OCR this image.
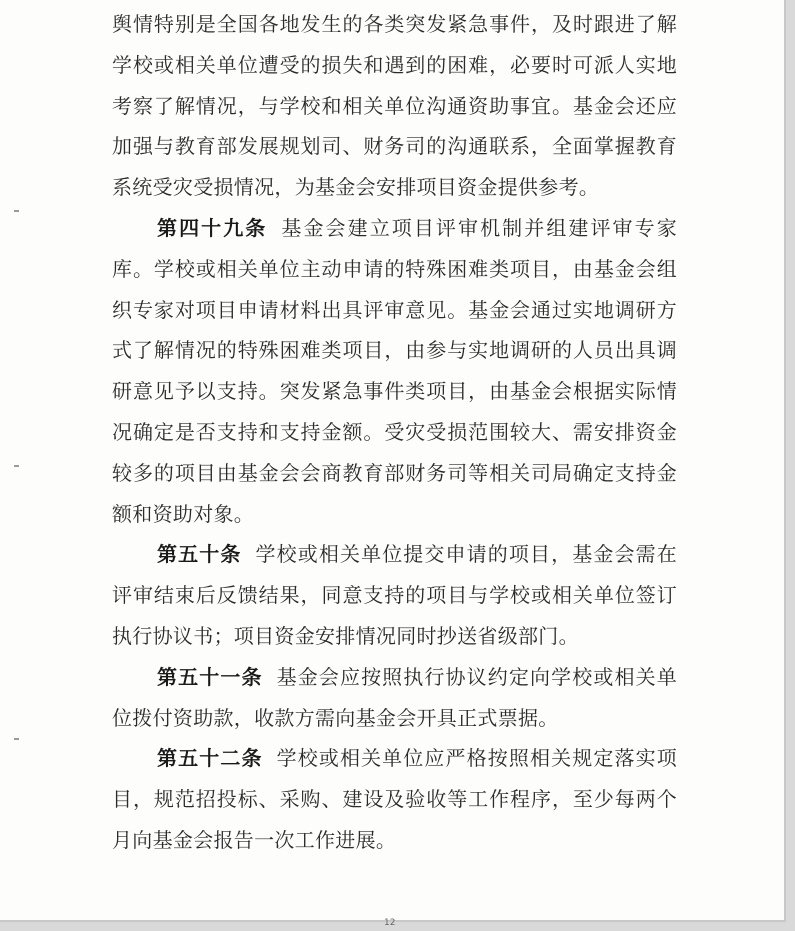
舆情特别是全国各地发生的各类突发紧急事件，及时跟进了解学校或相关单位遭受的损失和遇到的困难，必要时可派人实地考察了解情况，与学校和相关单位沟通资助事宜。基金会还应加强与教育部发展规划司、财务司的沟通联系，全面掌握教育系统受灾受损情况，为基金会安排项目资金提供参考。

第四十九条 基金会建立项目评审机制并组建评审专家库。学校或相关单位主动申请的特殊困难类项目，由基金会组织专家对项目申请材料出具评审意见。基金会通过实地调研方式了解情况的特殊困难类项目，由参与实地调研的人员出具调研意见予以支持。突发紧急事件类项目，由基金会根据实际情况确定是否支持和支持金额。受灾受损范围较大、需安排资金较多的项目由基金会会商教育部财务司等相关司局确定支持金额和资助对象。

第五十条 学校或相关单位提交申请的项目，基金会需在评审结束后反馈结果，同意支持的项目与学校或相关单位签订执行协议书；项目资金安排情况同时抄送省级部门。

第五十一条 基金会应按照执行协议约定向学校或相关单位拨付资助款，收款方需向基金会开具正式票据。

第五十二条 学校或相关单位应严格按照相关规定落实项目，规范招投标、采购、建设及验收等工作程序，至少每两个月向基金会报告一次工作进展。

12
